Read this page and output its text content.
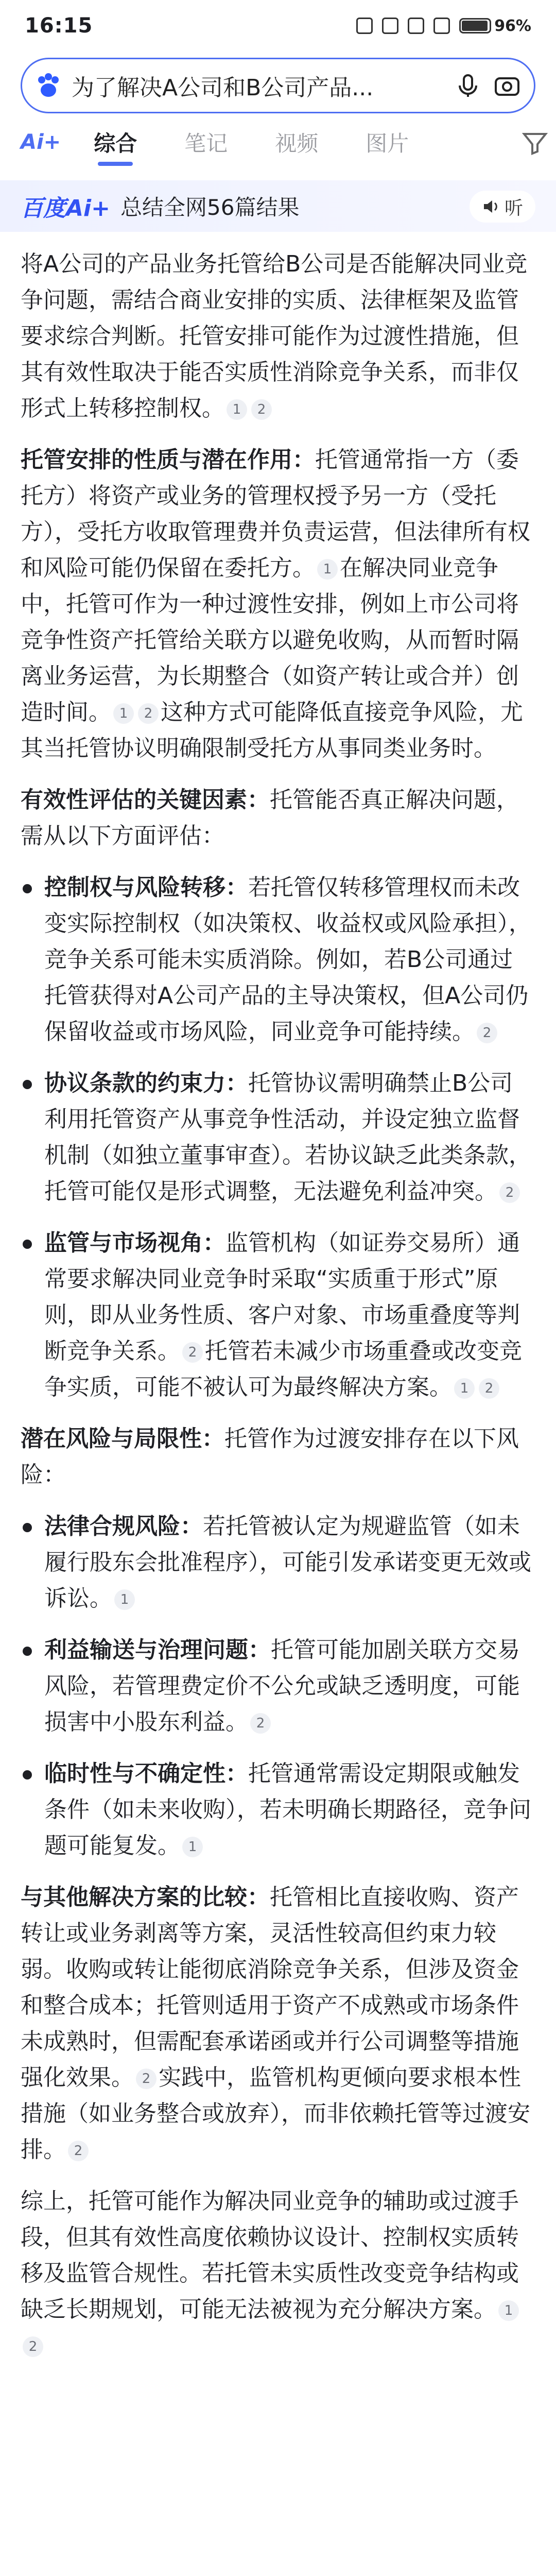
16:15	96%
为了解决A公司和B公司产品...
Ai+ 综合 笔记 视频 图片
百度Ai+ 总结全网56篇结果	听

将A公司的产品业务托管给B公司是否能解决同业竞争问题，需结合商业安排的实质、法律框架及监管要求综合判断。托管安排可能作为过渡性措施，但其有效性取决于能否实质性消除竞争关系，而非仅形式上转移控制权。 1 2

托管安排的性质与潜在作用：托管通常指一方（委托方）将资产或业务的管理权授予另一方（受托方），受托方收取管理费并负责运营，但法律所有权和风险可能仍保留在委托方。 1 在解决同业竞争中，托管可作为一种过渡性安排，例如上市公司将竞争性资产托管给关联方以避免收购，从而暂时隔离业务运营，为长期整合（如资产转让或合并）创造时间。 1 2 这种方式可能降低直接竞争风险，尤其当托管协议明确限制受托方从事同类业务时。

有效性评估的关键因素：托管能否真正解决问题，需从以下方面评估：

控制权与风险转移：若托管仅转移管理权而未改变实际控制权（如决策权、收益权或风险承担），竞争关系可能未实质消除。例如，若B公司通过托管获得对A公司产品的主导决策权，但A公司仍保留收益或市场风险，同业竞争可能持续。 2
协议条款的约束力：托管协议需明确禁止B公司利用托管资产从事竞争性活动，并设定独立监督机制（如独立董事审查）。若协议缺乏此类条款，托管可能仅是形式调整，无法避免利益冲突。 2
监管与市场视角：监管机构（如证券交易所）通常要求解决同业竞争时采取“实质重于形式”原则，即从业务性质、客户对象、市场重叠度等判断竞争关系。 2 托管若未减少市场重叠或改变竞争实质，可能不被认可为最终解决方案。 1 2

潜在风险与局限性：托管作为过渡安排存在以下风险：

法律合规风险：若托管被认定为规避监管（如未履行股东会批准程序），可能引发承诺变更无效或诉讼。 1
利益输送与治理问题：托管可能加剧关联方交易风险，若管理费定价不公允或缺乏透明度，可能损害中小股东利益。 2
临时性与不确定性：托管通常需设定期限或触发条件（如未来收购），若未明确长期路径，竞争问题可能复发。 1

与其他解决方案的比较：托管相比直接收购、资产转让或业务剥离等方案，灵活性较高但约束力较弱。收购或转让能彻底消除竞争关系，但涉及资金和整合成本；托管则适用于资产不成熟或市场条件未成熟时，但需配套承诺函或并行公司调整等措施强化效果。 2 实践中，监管机构更倾向要求根本性措施（如业务整合或放弃），而非依赖托管等过渡安排。 2

综上，托管可能作为解决同业竞争的辅助或过渡手段，但其有效性高度依赖协议设计、控制权实质转移及监管合规性。若托管未实质性改变竞争结构或缺乏长期规划，可能无法被视为充分解决方案。 12
